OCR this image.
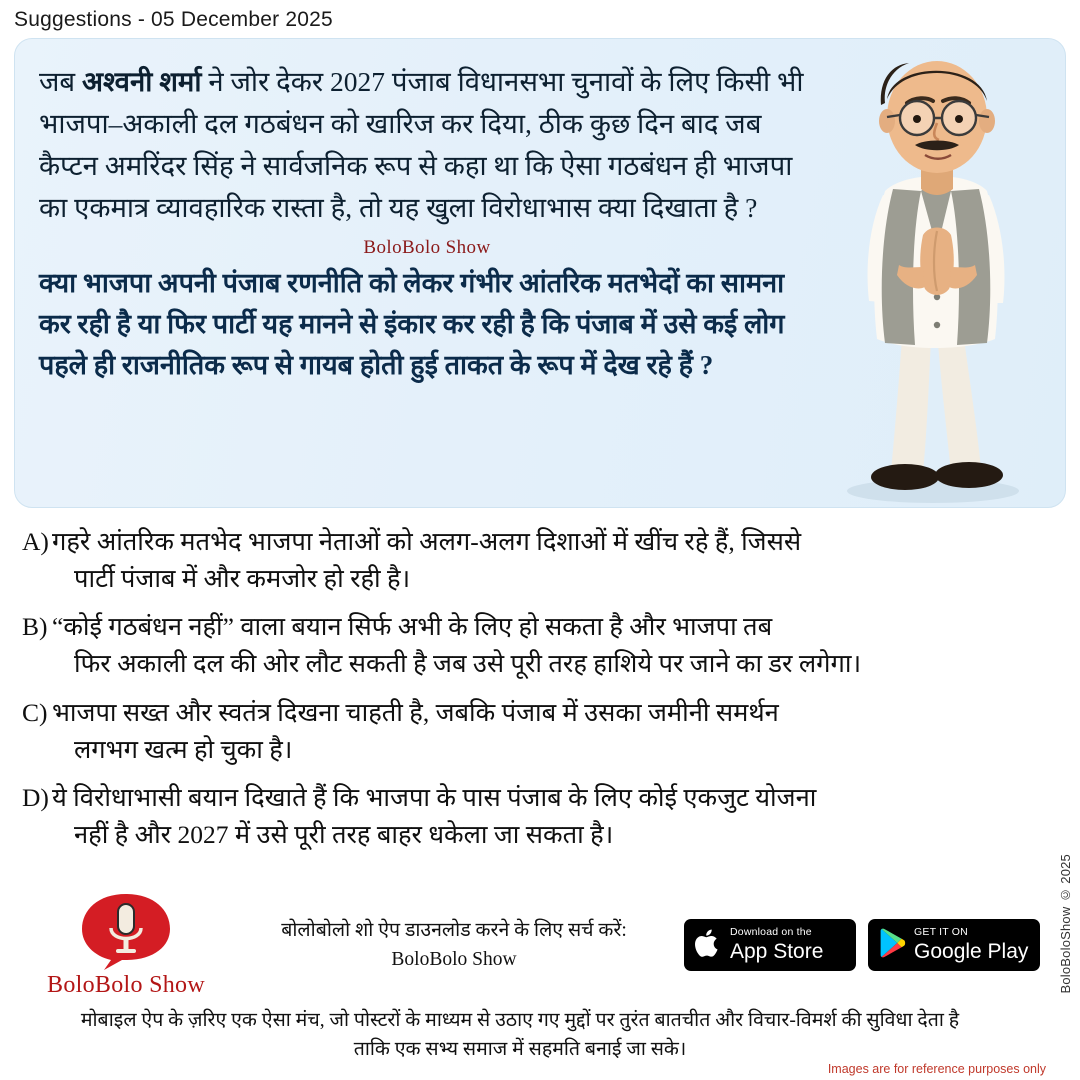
Suggestions - 05 December 2025
जब अश्वनी शर्मा ने जोर देकर 2027 पंजाब विधानसभा चुनावों के लिए किसी भी भाजपा–अकाली दल गठबंधन को खारिज कर दिया, ठीक कुछ दिन बाद जब कैप्टन अमरिंदर सिंह ने सार्वजनिक रूप से कहा था कि ऐसा गठबंधन ही भाजपा का एकमात्र व्यावहारिक रास्ता है, तो यह खुला विरोधाभास क्या दिखाता है ?
BoloBolo Show
क्या भाजपा अपनी पंजाब रणनीति को लेकर गंभीर आंतरिक मतभेदों का सामना कर रही है या फिर पार्टी यह मानने से इंकार कर रही है कि पंजाब में उसे कई लोग पहले ही राजनीतिक रूप से गायब होती हुई ताकत के रूप में देख रहे हैं ?
A) गहरे आंतरिक मतभेद भाजपा नेताओं को अलग-अलग दिशाओं में खींच रहे हैं, जिससे
पार्टी पंजाब में और कमजोर हो रही है।
B) “कोई गठबंधन नहीं” वाला बयान सिर्फ अभी के लिए हो सकता है और भाजपा तब
फिर अकाली दल की ओर लौट सकती है जब उसे पूरी तरह हाशिये पर जाने का डर लगेगा।
C) भाजपा सख्त और स्वतंत्र दिखना चाहती है, जबकि पंजाब में उसका जमीनी समर्थन
लगभग खत्म हो चुका है।
D) ये विरोधाभासी बयान दिखाते हैं कि भाजपा के पास पंजाब के लिए कोई एकजुट योजना
नहीं है और 2027 में उसे पूरी तरह बाहर धकेला जा सकता है।
BoloBolo Show
बोलोबोलो शो ऐप डाउनलोड करने के लिए सर्च करें:
BoloBolo Show
Download on the
App Store
GET IT ON
Google Play
मोबाइल ऐप के ज़रिए एक ऐसा मंच, जो पोस्टरों के माध्यम से उठाए गए मुद्दों पर तुरंत बातचीत और विचार-विमर्श की सुविधा देता है
ताकि एक सभ्य समाज में सहमति बनाई जा सके।
Images are for reference purposes only
BoloBoloShow © 2025
